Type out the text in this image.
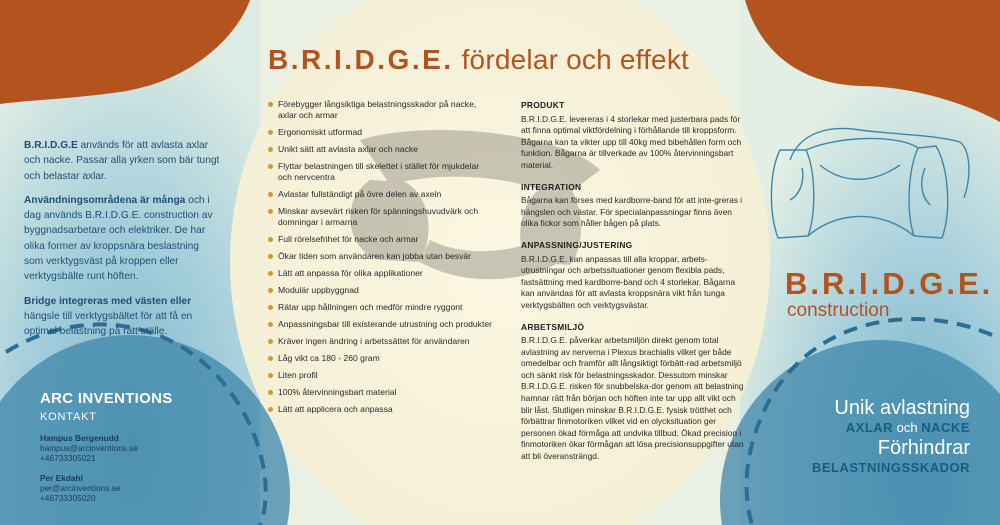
B.R.I.D.G.E används för att avlasta axlar och nacke. Passar alla yrken som bär tungt och belastar axlar.

Användningsområdena är många och i dag används B.R.I.D.G.E. construction av byggnadsarbetare och elektriker. De har olika former av kroppsnära beslastning som verktygsväst på kroppen eller verktygsbälte runt höften.

Bridge integreras med västen eller hängsle till verktygsbältet för att få en optimal belastning på rätt ställe.

ARC INVENTIONS
KONTAKT
Hampus Bergenudd
hampus@arcinventions.se
+46733305021
Per Ekdahl
per@arcinventions.se
+46733305020
B.R.I.D.G.E. fördelar och effekt
Förebygger långsiktiga belastningsskador på nacke, axlar och armar
Ergonomiskt utformad
Unikt sätt att avlasta axlar och nacke
Flyttar belastningen till skelettet i stället för mjukdelar och nervcentra
Avlastar fullständigt på övre delen av axeln
Minskar avsevärt risken för spänningshuvudvärk och domningar i armarna
Full rörelsefrihet för nacke och armar
Ökar tiden som användaren kan jobba utan besvär
Lätt att anpassa för olika applikationer
Modulär uppbyggnad
Rätar upp hållningen och medför mindre ryggont
Anpassningsbar till existerande utrustning och produkter
Kräver ingen ändring i arbetssättet för användaren
Låg vikt ca 180 - 260 gram
Liten profil
100% återvinningsbart material
Lätt att applicera och anpassa
PRODUKT

B.R.I.D.G.E. levereras i 4 storlekar med justerbara pads för att finna optimal viktfördelning i förhållande till kroppsform. Bågarna kan ta vikter upp till 40kg med bibehållen form och funktion. Bågarna är tillverkade av 100% återvinningsbart material.

INTEGRATION

Bågarna kan förses med kardborre-band för att inte-greras i hängslen och västar. För specialanpassningar finns även olika fickor som håller bågen på plats.

ANPASSNING/JUSTERING

B.R.I.D.G.E. kan anpassas till alla kroppar, arbets-utrustningar och arbetssituationer genom flexibla pads, fastsättning med kardborre-band och 4 storlekar. Bågarna kan användas för att avlasta kroppsnära vikt från tunga verktygsbälten och verktygsvästar.

ARBETSMILJÖ

B.R.I.D.G.E. påverkar arbetsmiljön direkt genom total avlastning av nerverna i Plexus brachialis vilket ger både omedelbar och framför allt långsiktigt förbätt-rad arbetsmiljö och sänkt risk för belastningsskador. Dessutom minskar B.R.I.D.G.E. risken för snubbelska-dor genom att belastning hamnar rätt från början och höften inte tar upp allt vikt och blir låst. Slutligen minskar B.R.I.D.G.E. fysisk trötthet och förbättrar finmotoriken vilket vid en olycksituation ger personen ökad förmåga att undvika tillbud. Ökad precision i finmotoriken ökar förmågan att lösa precisionsuppgifter utan att bli överansträngd.

B.R.I.D.G.E.
construction
Unik avlastning
AXLAR och NACKE
Förhindrar
BELASTNINGSSKADOR
